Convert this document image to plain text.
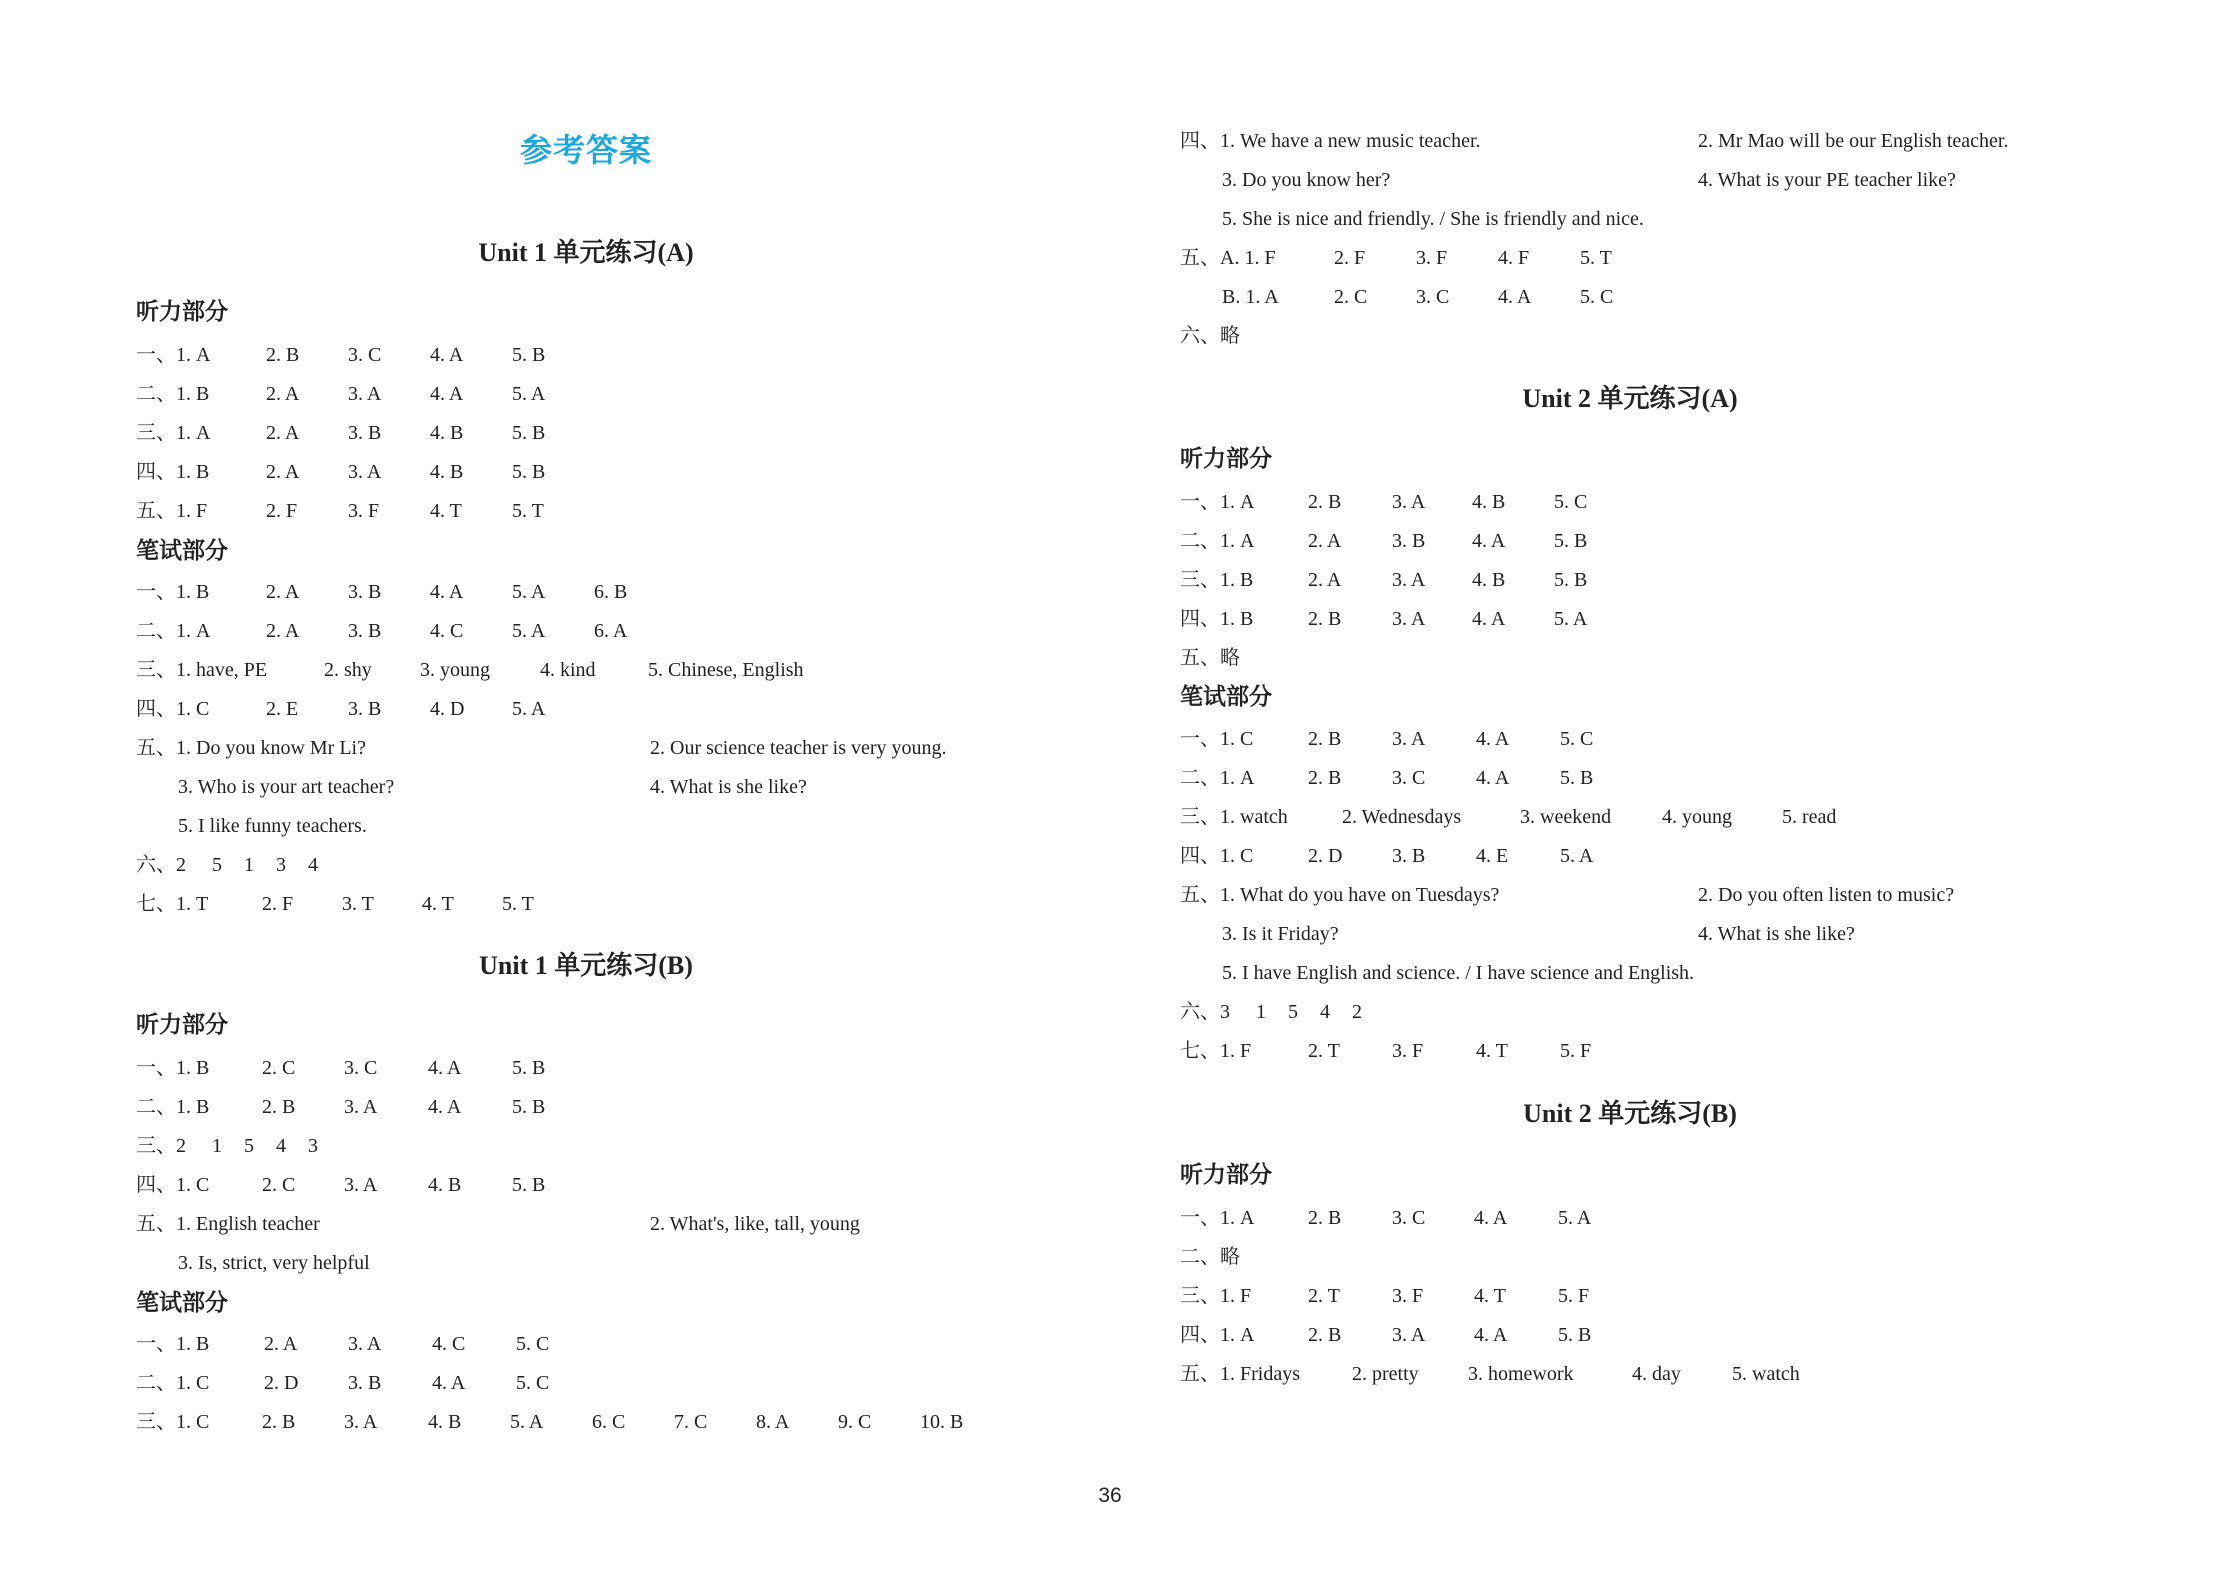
参考答案
Unit 1 单元练习(A)
听力部分
一、1. A	2. B 3. C 4. A 5. B
二、1. B	2. A 3. A 4. A 5. A
三、1. A	2. A 3. B 4. B 5. B
四、1. B	2. A 3. A 4. B 5. B
五、1. F	2. F	3. F	4. T	5. T
笔试部分
一、1. B	2. A 3. B 4. A 5. A 6. B
二、1. A	2. A 3. B 4. C 5. A 6. A
三、1. have, PE	2. shy 3. young	4. kind	5. Chinese, English
四、1. C	2. E 3. B 4. D 5. A
五、1. Do you know Mr Li?	2. Our science teacher is very young.
3. Who is your art teacher?	4. What is she like?
5. I like funny teachers.
六、2 5 1 3 4
七、1. T	2. F 3. T 4. T 5. T
Unit 1 单元练习(B)
听力部分
一、1. B	2. C 3. C	4. A	5. B
二、1. B	2. B 3. A	4. A	5. B
三、2 1 5 4 3
四、1. C	2. C 3. A	4. B	5. B
五、1. English teacher	2. What's, like, tall, young
3. Is, strict, very helpful
笔试部分
一、1. B	2. A	3. A	4. C	5. C
二、1. C	2. D 3. B	4. A	5. C
三、1. C	2. B 3. A	4. B 5. A 6. C 7. C 8. A 9. C 10. B
四、1. We have a new music teacher.	2. Mr Mao will be our English teacher.
3. Do you know her?	4. What is your PE teacher like?
5. She is nice and friendly. / She is friendly and nice.
五、A. 1. F	2. F	3. F	4. F	5. T
B. 1. A	2. C 3. C 4. A 5. C
六、略
Unit 2 单元练习(A)
听力部分
一、1. A	2. B	3. A 4. B 5. C
二、1. A	2. A	3. B 4. A 5. B
三、1. B	2. A	3. A 4. B 5. B
四、1. B	2. B	3. A 4. A 5. A
五、略
笔试部分
一、1. C	2. B	3. A	4. A	5. C
二、1. A	2. B	3. C	4. A	5. B
三、1. watch	2. Wednesdays	3. weekend	4. young	5. read
四、1. C	2. D 3. B	4. E	5. A
五、1. What do you have on Tuesdays?	2. Do you often listen to music?
3. Is it Friday?	4. What is she like?
5. I have English and science. / I have science and English.
六、3 1 5 4 2
七、1. F	2. T	3. F	4. T	5. F
Unit 2 单元练习(B)
听力部分
一、1. A	2. B	3. C 4. A	5. A
二、略
三、1. F	2. T	3. F	4. T	5. F
四、1. A	2. B	3. A 4. A	5. B
五、1. Fridays	2. pretty 3. homework	4. day	5. watch
36
